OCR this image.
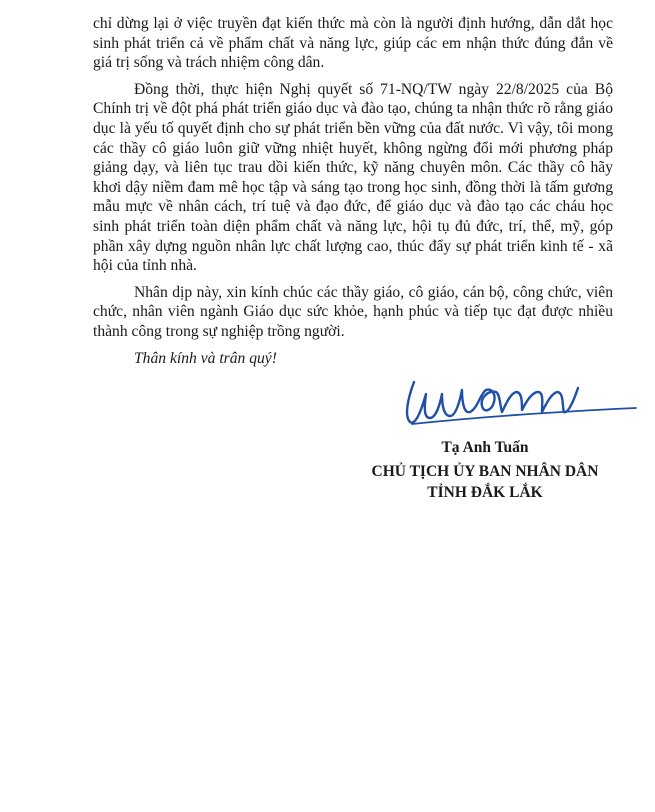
chỉ dừng lại ở việc truyền đạt kiến thức mà còn là người định hướng, dẫn dắt học sinh phát triển cả về phẩm chất và năng lực, giúp các em nhận thức đúng đắn về giá trị sống và trách nhiệm công dân.

Đồng thời, thực hiện Nghị quyết số 71-NQ/TW ngày 22/8/2025 của Bộ Chính trị về đột phá phát triển giáo dục và đào tạo, chúng ta nhận thức rõ rằng giáo dục là yếu tố quyết định cho sự phát triển bền vững của đất nước. Vì vậy, tôi mong các thầy cô giáo luôn giữ vững nhiệt huyết, không ngừng đổi mới phương pháp giảng dạy, và liên tục trau dồi kiến thức, kỹ năng chuyên môn. Các thầy cô hãy khơi dậy niềm đam mê học tập và sáng tạo trong học sinh, đồng thời là tấm gương mẫu mực về nhân cách, trí tuệ và đạo đức, để giáo dục và đào tạo các cháu học sinh phát triển toàn diện phẩm chất và năng lực, hội tụ đủ đức, trí, thể, mỹ, góp phần xây dựng nguồn nhân lực chất lượng cao, thúc đẩy sự phát triển kinh tế - xã hội của tỉnh nhà.

Nhân dịp này, xin kính chúc các thầy giáo, cô giáo, cán bộ, công chức, viên chức, nhân viên ngành Giáo dục sức khỏe, hạnh phúc và tiếp tục đạt được nhiều thành công trong sự nghiệp trồng người.

Thân kính và trân quý!

Tạ Anh Tuấn
CHỦ TỊCH ỦY BAN NHÂN DÂN
TỈNH ĐẮK LẮK
